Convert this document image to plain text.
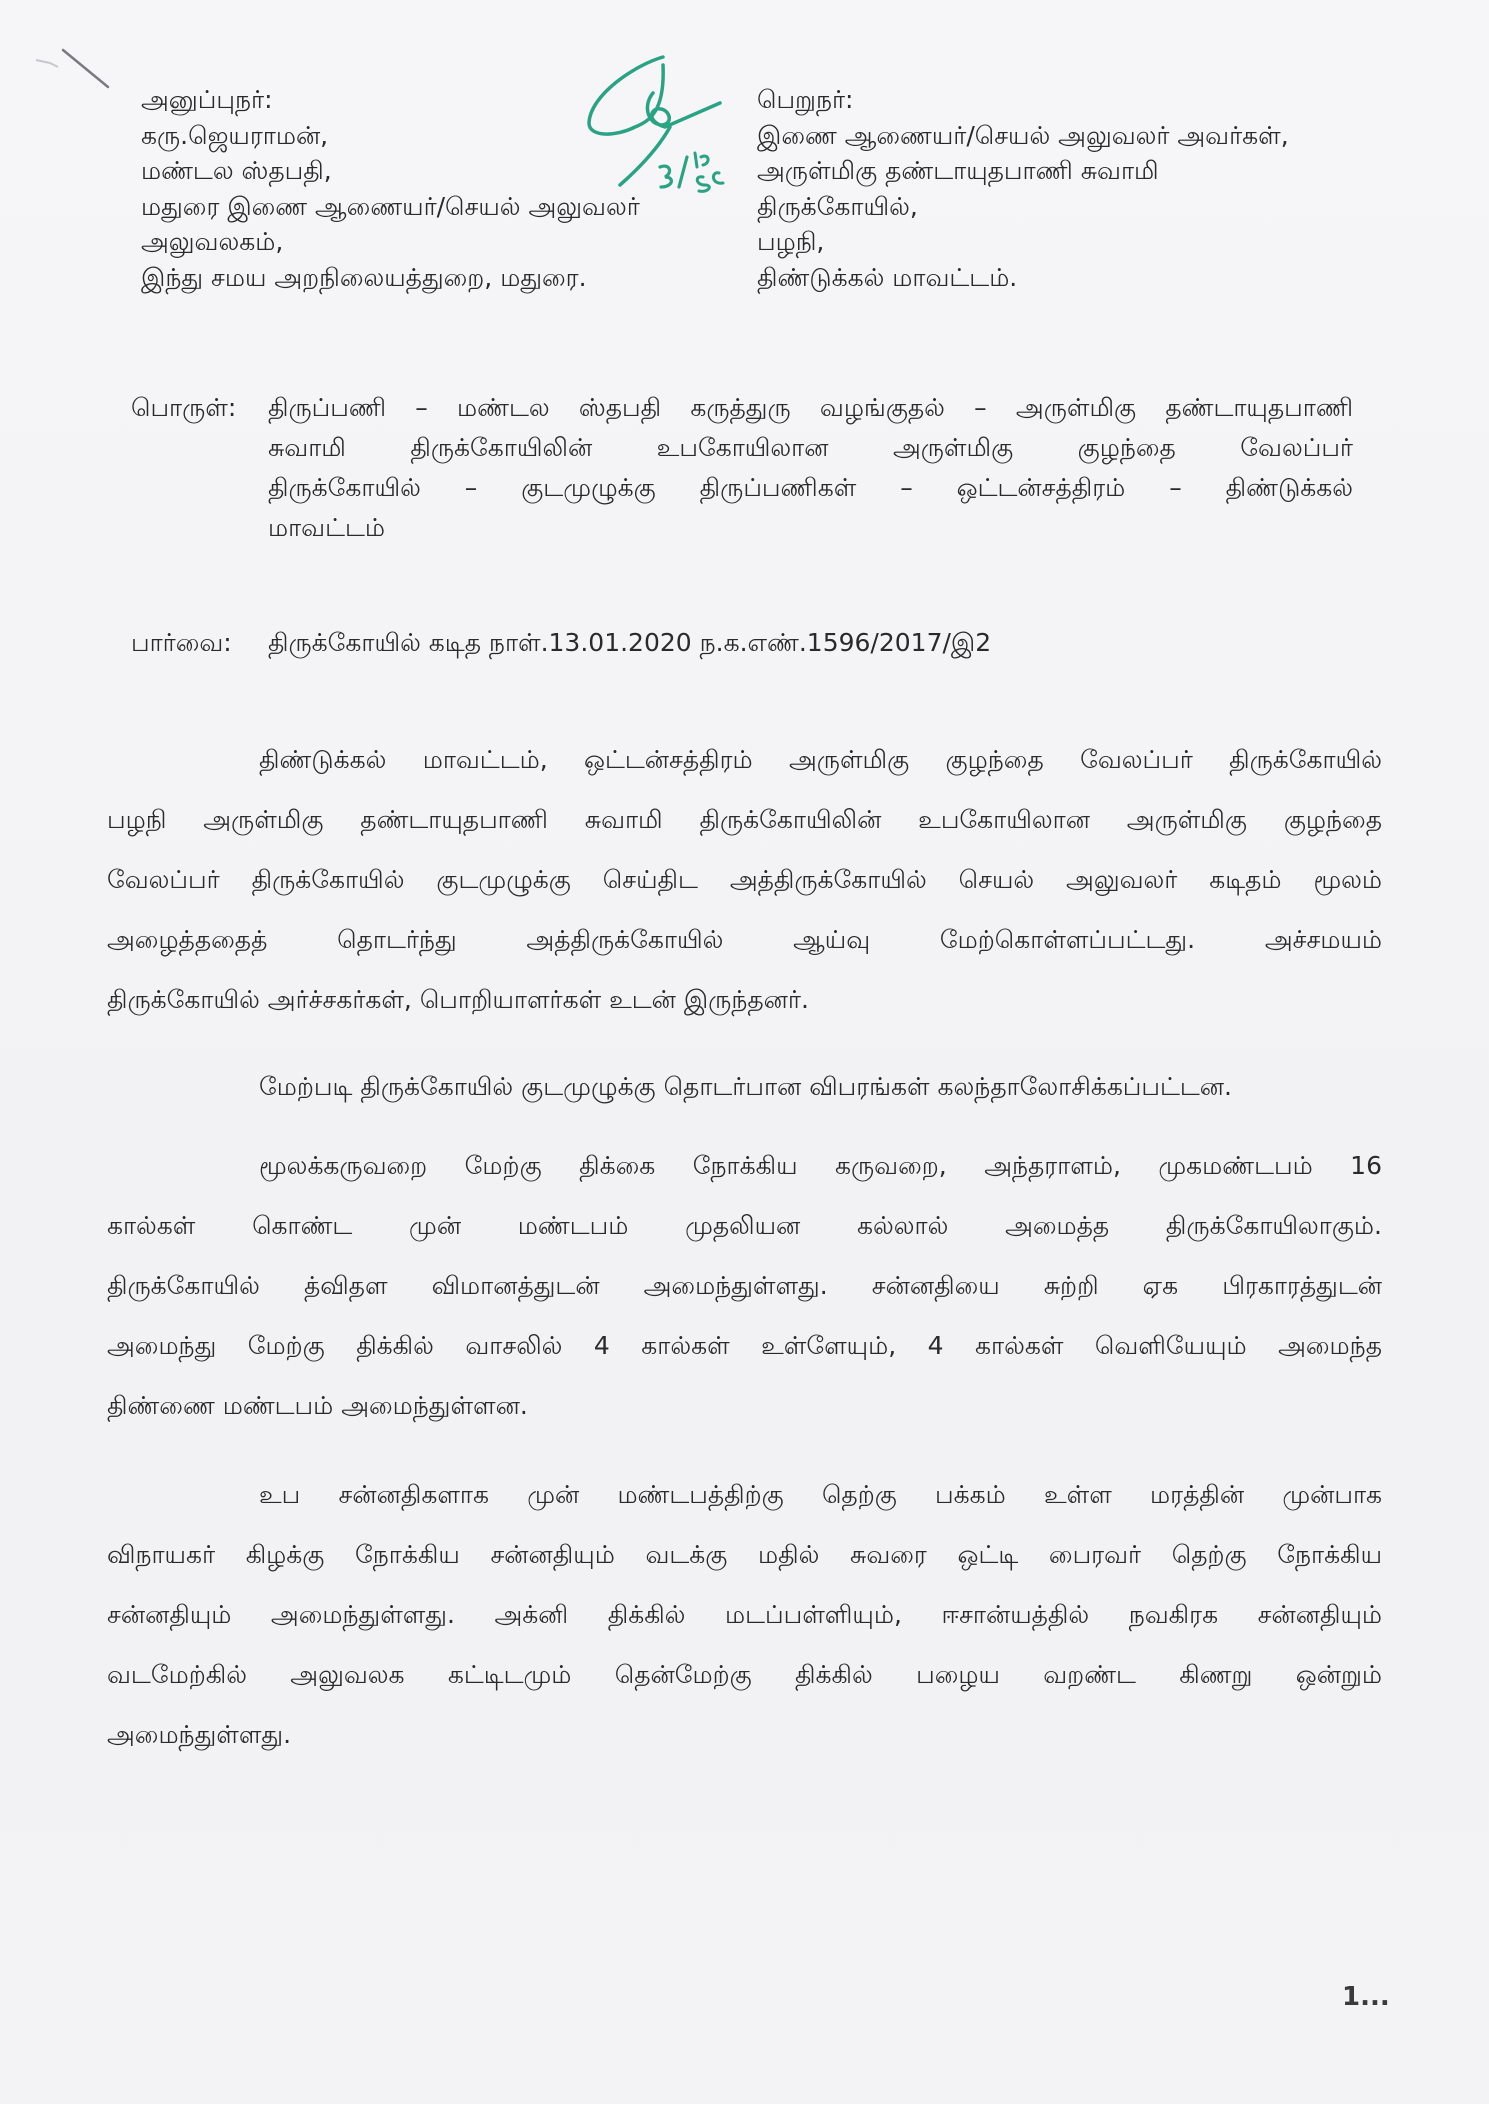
அனுப்புநர்:
கரு.ஜெயராமன்,
மண்டல ஸ்தபதி,
மதுரை இணை ஆணையர்/செயல் அலுவலர்
அலுவலகம்,
இந்து சமய அறநிலையத்துறை, மதுரை.
பெறுநர்:
இணை ஆணையர்/செயல் அலுவலர் அவர்கள்,
அருள்மிகு தண்டாயுதபாணி சுவாமி
திருக்கோயில்,
பழநி,
திண்டுக்கல் மாவட்டம்.
பொருள்:	திருப்பணி – மண்டல ஸ்தபதி கருத்துரு வழங்குதல் – அருள்மிகு தண்டாயுதபாணி
சுவாமி திருக்கோயிலின் உபகோயிலான அருள்மிகு குழந்தை வேலப்பர்
திருக்கோயில் – குடமுழுக்கு திருப்பணிகள் – ஒட்டன்சத்திரம் – திண்டுக்கல்
மாவட்டம்
பார்வை:	திருக்கோயில் கடித நாள்.13.01.2020 ந.க.எண்.1596/2017/இ2
திண்டுக்கல் மாவட்டம், ஒட்டன்சத்திரம் அருள்மிகு குழந்தை வேலப்பர் திருக்கோயில்
பழநி அருள்மிகு தண்டாயுதபாணி சுவாமி திருக்கோயிலின் உபகோயிலான அருள்மிகு குழந்தை
வேலப்பர் திருக்கோயில் குடமுழுக்கு செய்திட அத்திருக்கோயில் செயல் அலுவலர் கடிதம் மூலம்
அழைத்ததைத் தொடர்ந்து அத்திருக்கோயில் ஆய்வு மேற்கொள்ளப்பட்டது. அச்சமயம்
திருக்கோயில் அர்ச்சகர்கள், பொறியாளர்கள் உடன் இருந்தனர்.
மேற்படி திருக்கோயில் குடமுழுக்கு தொடர்பான விபரங்கள் கலந்தாலோசிக்கப்பட்டன.
மூலக்கருவறை மேற்கு திக்கை நோக்கிய கருவறை, அந்தராளம், முகமண்டபம் 16
கால்கள் கொண்ட முன் மண்டபம் முதலியன கல்லால் அமைத்த திருக்கோயிலாகும்.
திருக்கோயில் த்விதள விமானத்துடன் அமைந்துள்ளது. சன்னதியை சுற்றி ஏக பிரகாரத்துடன்
அமைந்து மேற்கு திக்கில் வாசலில் 4 கால்கள் உள்ளேயும், 4 கால்கள் வெளியேயும் அமைந்த
திண்ணை மண்டபம் அமைந்துள்ளன.
உப சன்னதிகளாக முன் மண்டபத்திற்கு தெற்கு பக்கம் உள்ள மரத்தின் முன்பாக
விநாயகர் கிழக்கு நோக்கிய சன்னதியும் வடக்கு மதில் சுவரை ஒட்டி பைரவர் தெற்கு நோக்கிய
சன்னதியும் அமைந்துள்ளது. அக்னி திக்கில் மடப்பள்ளியும், ஈசான்யத்தில் நவகிரக சன்னதியும்
வடமேற்கில் அலுவலக கட்டிடமும் தென்மேற்கு திக்கில் பழைய வறண்ட கிணறு ஒன்றும்
அமைந்துள்ளது.
1...
